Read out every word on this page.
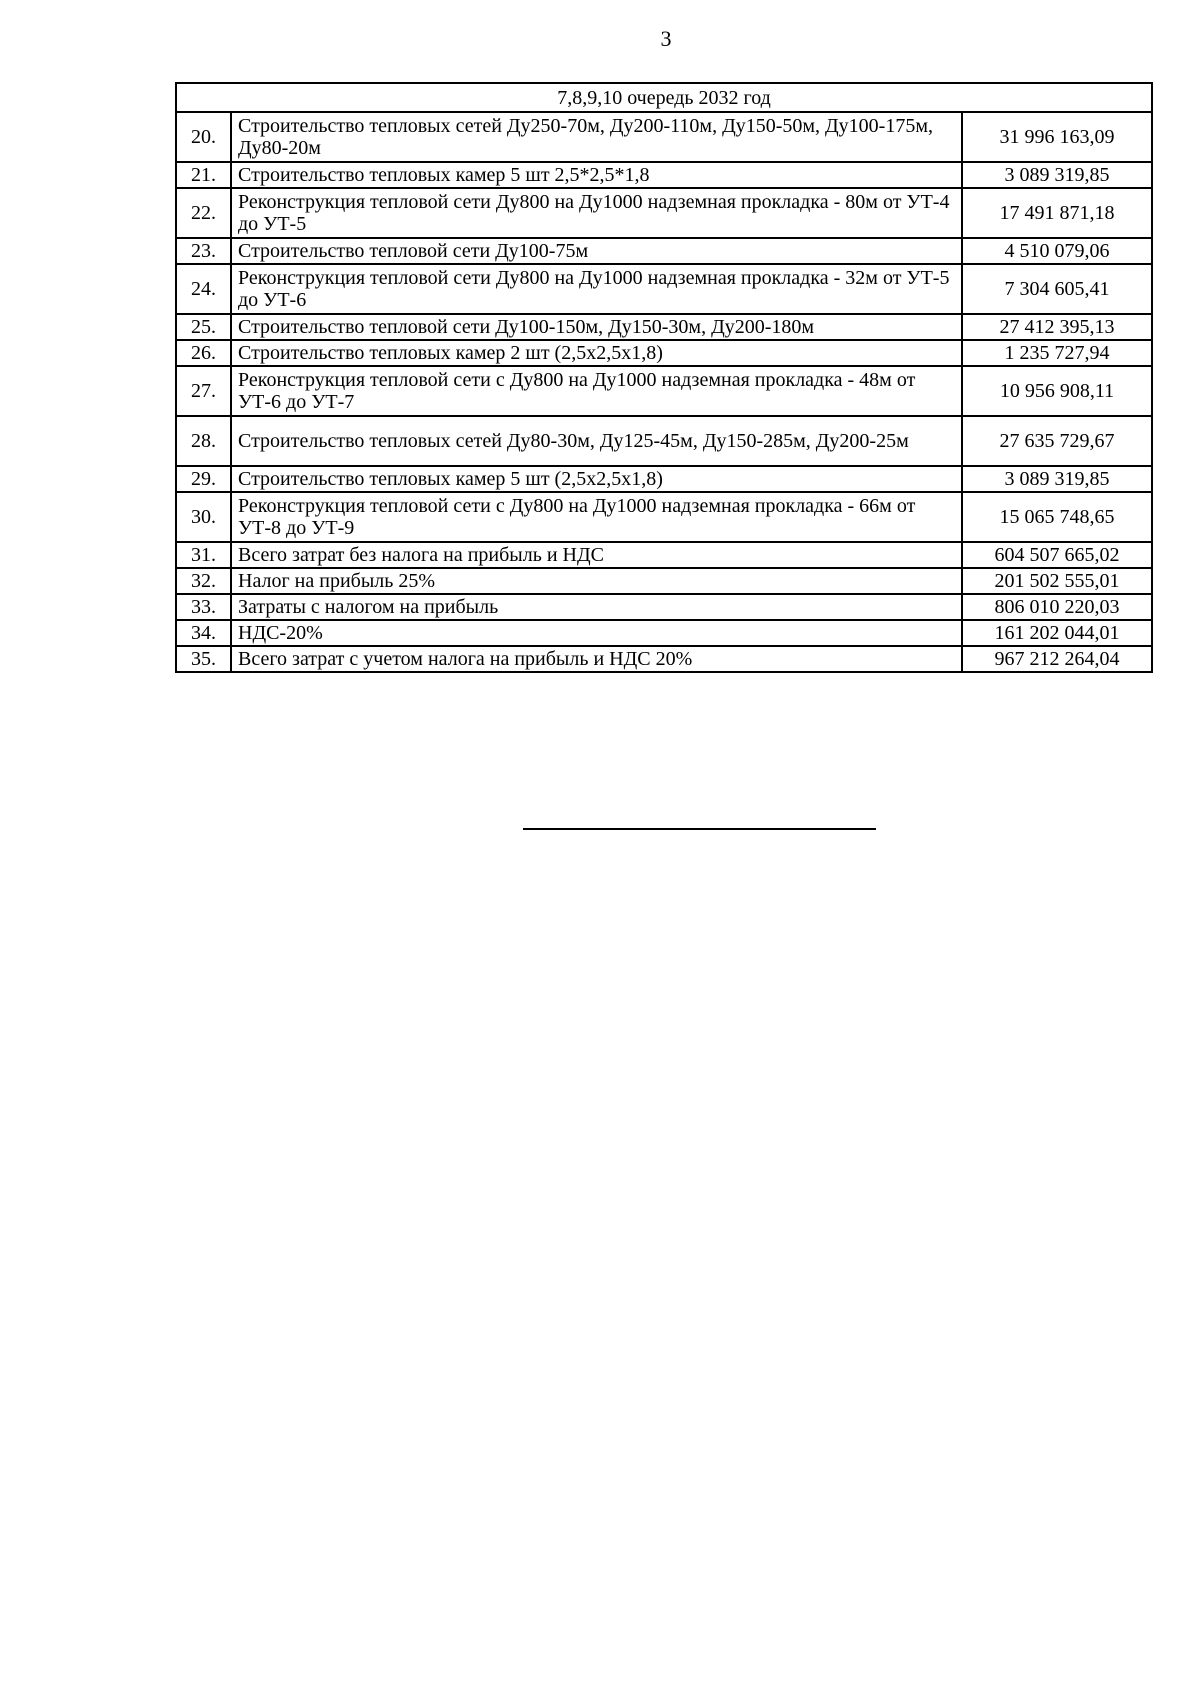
3
7,8,9,10 очередь 2032 год		
20.	Строительство тепловых сетей Ду250-70м, Ду200-110м, Ду150-50м, Ду100-175м, Ду80-20м	31 996 163,09
21.	Строительство тепловых камер 5 шт 2,5*2,5*1,8	3 089 319,85
22.	Реконструкция тепловой сети Ду800 на Ду1000 надземная прокладка - 80м от УТ-4 до УТ-5	17 491 871,18
23.	Строительство тепловой сети Ду100-75м	4 510 079,06
24.	Реконструкция тепловой сети Ду800 на Ду1000 надземная прокладка - 32м от УТ-5 до УТ-6	7 304 605,41
25.	Строительство тепловой сети Ду100-150м, Ду150-30м, Ду200-180м	27 412 395,13
26.	Строительство тепловых камер 2 шт (2,5х2,5х1,8)	1 235 727,94
27.	Реконструкция тепловой сети с Ду800 на Ду1000 надземная прокладка - 48м от УТ-6 до УТ-7	10 956 908,11
28.	Строительство тепловых сетей Ду80-30м, Ду125-45м, Ду150-285м, Ду200-25м	27 635 729,67
29.	Строительство тепловых камер 5 шт (2,5х2,5х1,8)	3 089 319,85
30.	Реконструкция тепловой сети с Ду800 на Ду1000 надземная прокладка - 66м от УТ-8 до УТ-9	15 065 748,65
31.	Всего затрат без налога на прибыль и НДС	604 507 665,02
32.	Налог на прибыль 25%	201 502 555,01
33.	Затраты с налогом на прибыль	806 010 220,03
34.	НДС-20%	161 202 044,01
35.	Всего затрат с учетом налога на прибыль и НДС 20%	967 212 264,04
